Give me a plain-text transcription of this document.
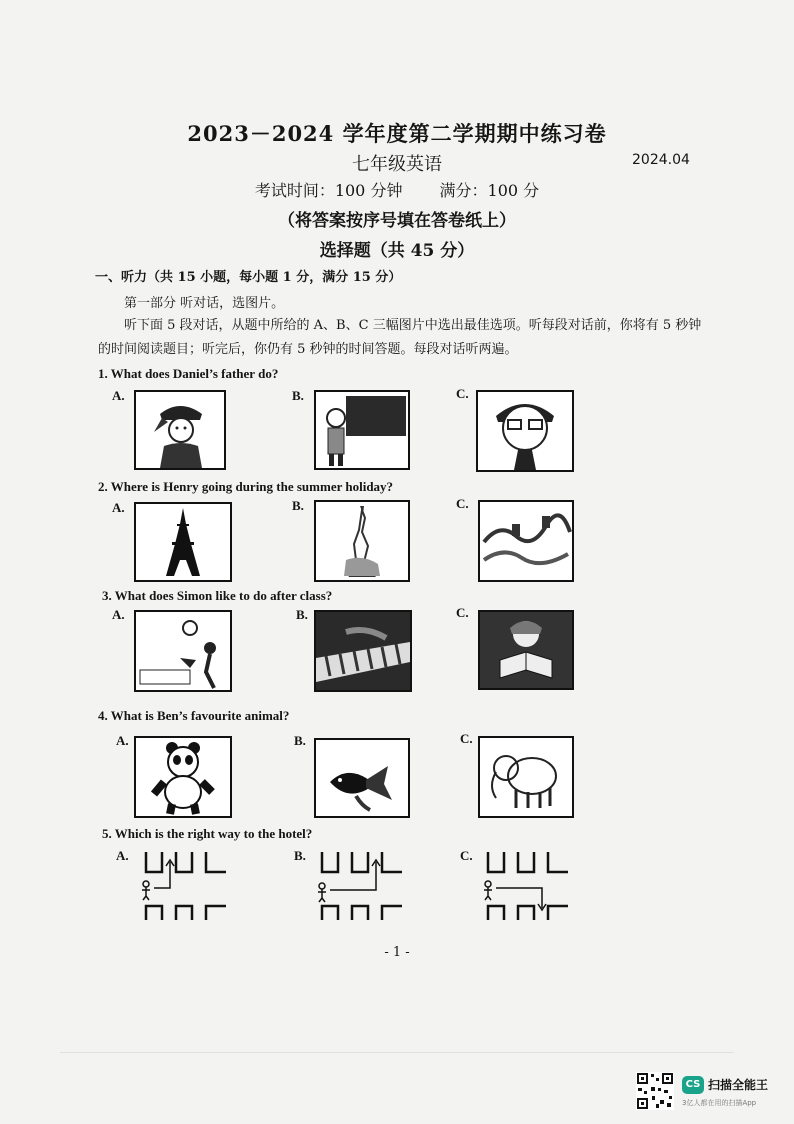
2023－2024 学年度第二学期期中练习卷
七年级英语	2024.04
考试时间：100 分钟 满分：100 分
（将答案按序号填在答卷纸上）
选择题（共 45 分）
一、听力（共 15 小题，每小题 1 分，满分 15 分）
第一部分 听对话，选图片。
听下面 5 段对话，从题中所给的 A、B、C 三幅图片中选出最佳选项。听每段对话前，你将有 5 秒钟的时间阅读题目；听完后，你仍有 5 秒钟的时间答题。每段对话听两遍。
1. What does Daniel’s father do?
A.	B.	C.
2. Where is Henry going during the summer holiday?
A.	B.	C.
3. What does Simon like to do after class?
A.	B.	C.
4. What is Ben’s favourite animal?
A.	B.	C.
5. Which is the right way to the hotel?
A.	B.	C.
- 1 -
CS 扫描全能王
3亿人都在用的扫描App
